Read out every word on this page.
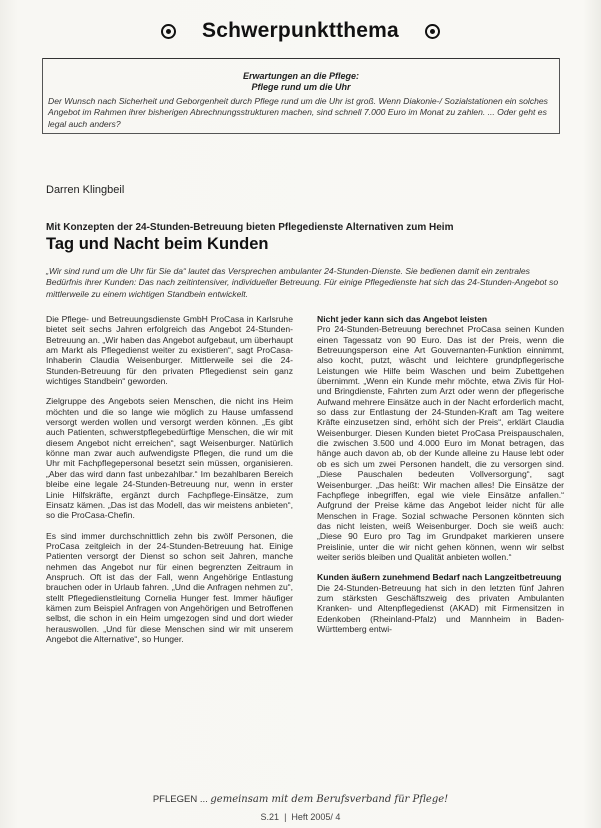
Schwerpunktthema
Erwartungen an die Pflege:
Pflege rund um die Uhr
Der Wunsch nach Sicherheit und Geborgenheit durch Pflege rund um die Uhr ist groß. Wenn Diakonie-/ Sozialstationen ein solches Angebot im Rahmen ihrer bisherigen Abrechnungsstrukturen machen, sind schnell 7.000 Euro im Monat zu zahlen. ... Oder geht es legal auch anders?
Darren Klingbeil
Mit Konzepten der 24-Stunden-Betreuung bieten Pflegedienste Alternativen zum Heim
Tag und Nacht beim Kunden
„Wir sind rund um die Uhr für Sie da“ lautet das Versprechen ambulanter 24-Stunden-Dienste. Sie bedienen damit ein zentrales Bedürfnis ihrer Kunden: Das nach zeitintensiver, individueller Betreuung. Für einige Pflegedienste hat sich das 24-Stunden-Angebot so mittlerweile zu einem wichtigen Standbein entwickelt.

Die Pflege- und Betreuungsdienste GmbH ProCasa in Karlsruhe bietet seit sechs Jahren erfolgreich das Angebot 24-Stunden-Betreuung an. „Wir haben das Angebot aufgebaut, um überhaupt am Markt als Pflegedienst weiter zu existieren“, sagt ProCasa-Inhaberin Claudia Weisenburger. Mittlerweile sei die 24-Stunden-Betreuung für den privaten Pflegedienst sein ganz wichtiges Standbein“ geworden.

Zielgruppe des Angebots seien Menschen, die nicht ins Heim möchten und die so lange wie möglich zu Hause umfassend versorgt werden wollen und versorgt werden können. „Es gibt auch Patienten, schwerstpflegebedürftige Menschen, die wir mit diesem Angebot nicht erreichen“, sagt Weisenburger. Natürlich könne man zwar auch aufwendigste Pflegen, die rund um die Uhr mit Fachpflegepersonal besetzt sein müssen, organisieren. „Aber das wird dann fast unbezahlbar.“ Im bezahlbaren Bereich bleibe eine legale 24-Stunden-Betreuung nur, wenn in erster Linie Hilfskräfte, ergänzt durch Fachpflege-Einsätze, zum Einsatz kämen. „Das ist das Modell, das wir meistens anbieten“, so die ProCasa-Chefin.

Es sind immer durchschnittlich zehn bis zwölf Personen, die ProCasa zeitgleich in der 24-Stunden-Betreuung hat. Einige Patienten versorgt der Dienst so schon seit Jahren, manche nehmen das Angebot nur für einen begrenzten Zeitraum in Anspruch. Oft ist das der Fall, wenn Angehörige Entlastung brauchen oder in Urlaub fahren. „Und die Anfragen nehmen zu“, stellt Pflegedienstleitung Cornelia Hunger fest. Immer häufiger kämen zum Beispiel Anfragen von Angehörigen und Betroffenen selbst, die schon in ein Heim umgezogen sind und dort wieder herauswollen. „Und für diese Menschen sind wir mit unserem Angebot die Alternative“, so Hunger.

Nicht jeder kann sich das Angebot leisten

Pro 24-Stunden-Betreuung berechnet ProCasa seinen Kunden einen Tagessatz von 90 Euro. Das ist der Preis, wenn die Betreuungsperson eine Art Gouvernanten-Funktion einnimmt, also kocht, putzt, wäscht und leichtere grundpflegerische Leistungen wie Hilfe beim Waschen und beim Zubettgehen übernimmt. „Wenn ein Kunde mehr möchte, etwa Zivis für Hol- und Bringdienste, Fahrten zum Arzt oder wenn der pflegerische Aufwand mehrere Einsätze auch in der Nacht erforderlich macht, so dass zur Entlastung der 24-Stunden-Kraft am Tag weitere Kräfte einzusetzen sind, erhöht sich der Preis“, erklärt Claudia Weisenburger. Diesen Kunden bietet ProCasa Preispauschalen, die zwischen 3.500 und 4.000 Euro im Monat betragen, das hänge auch davon ab, ob der Kunde alleine zu Hause lebt oder ob es sich um zwei Personen handelt, die zu versorgen sind. „Diese Pauschalen bedeuten Vollversorgung“, sagt Weisenburger. „Das heißt: Wir machen alles! Die Einsätze der Fachpflege inbegriffen, egal wie viele Einsätze anfallen.“ Aufgrund der Preise käme das Angebot leider nicht für alle Menschen in Frage. Sozial schwache Personen könnten sich das nicht leisten, weiß Weisenburger. Doch sie weiß auch: „Diese 90 Euro pro Tag im Grundpaket markieren unsere Preislinie, unter die wir nicht gehen können, wenn wir selbst weiter seriös bleiben und Qualität anbieten wollen.“

Kunden äußern zunehmend Bedarf nach Langzeitbetreuung

Die 24-Stunden-Betreuung hat sich in den letzten fünf Jahren zum stärksten Geschäftszweig des privaten Ambulanten Kranken- und Altenpflegedienst (AKAD) mit Firmensitzen in Edenkoben (Rheinland-Pfalz) und Mannheim in Baden-Württemberg entwi-

PFLEGEN ... gemeinsam mit dem Berufsverband für Pflege!
S.21  |  Heft 2005/ 4
